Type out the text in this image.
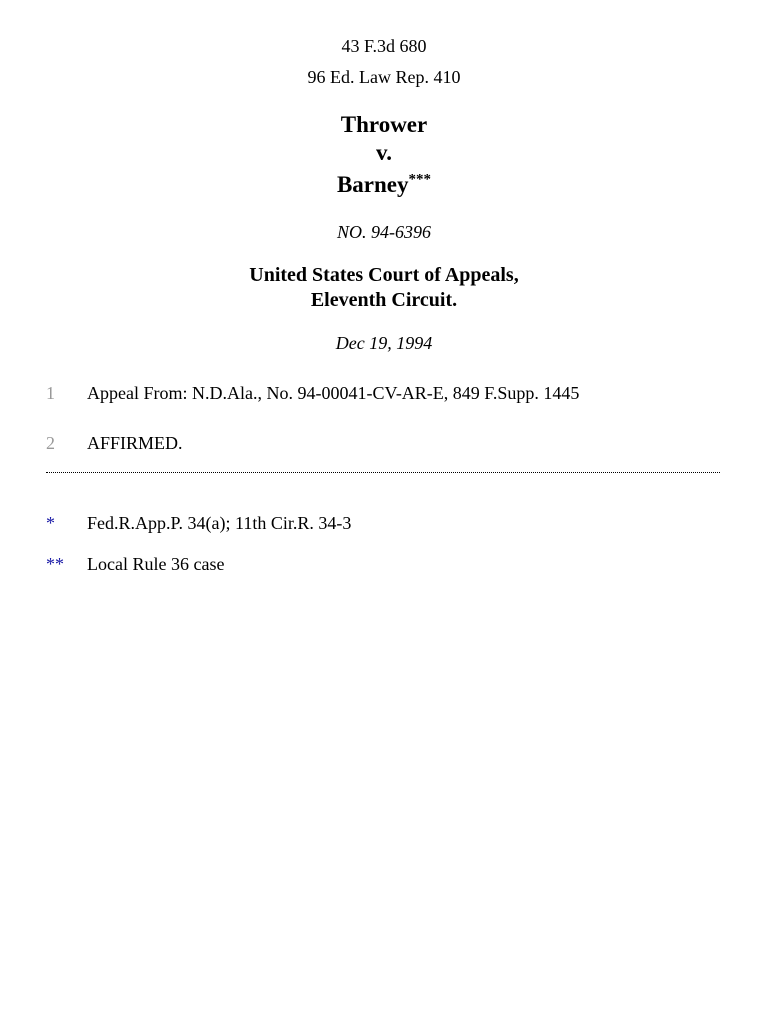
43 F.3d 680
96 Ed. Law Rep. 410
Thrower
v.
Barney***
NO. 94-6396
United States Court of Appeals,
Eleventh Circuit.
Dec 19, 1994
1 Appeal From: N.D.Ala., No. 94-00041-CV-AR-E, 849 F.Supp. 1445
2 AFFIRMED.
* Fed.R.App.P. 34(a); 11th Cir.R. 34-3
** Local Rule 36 case
